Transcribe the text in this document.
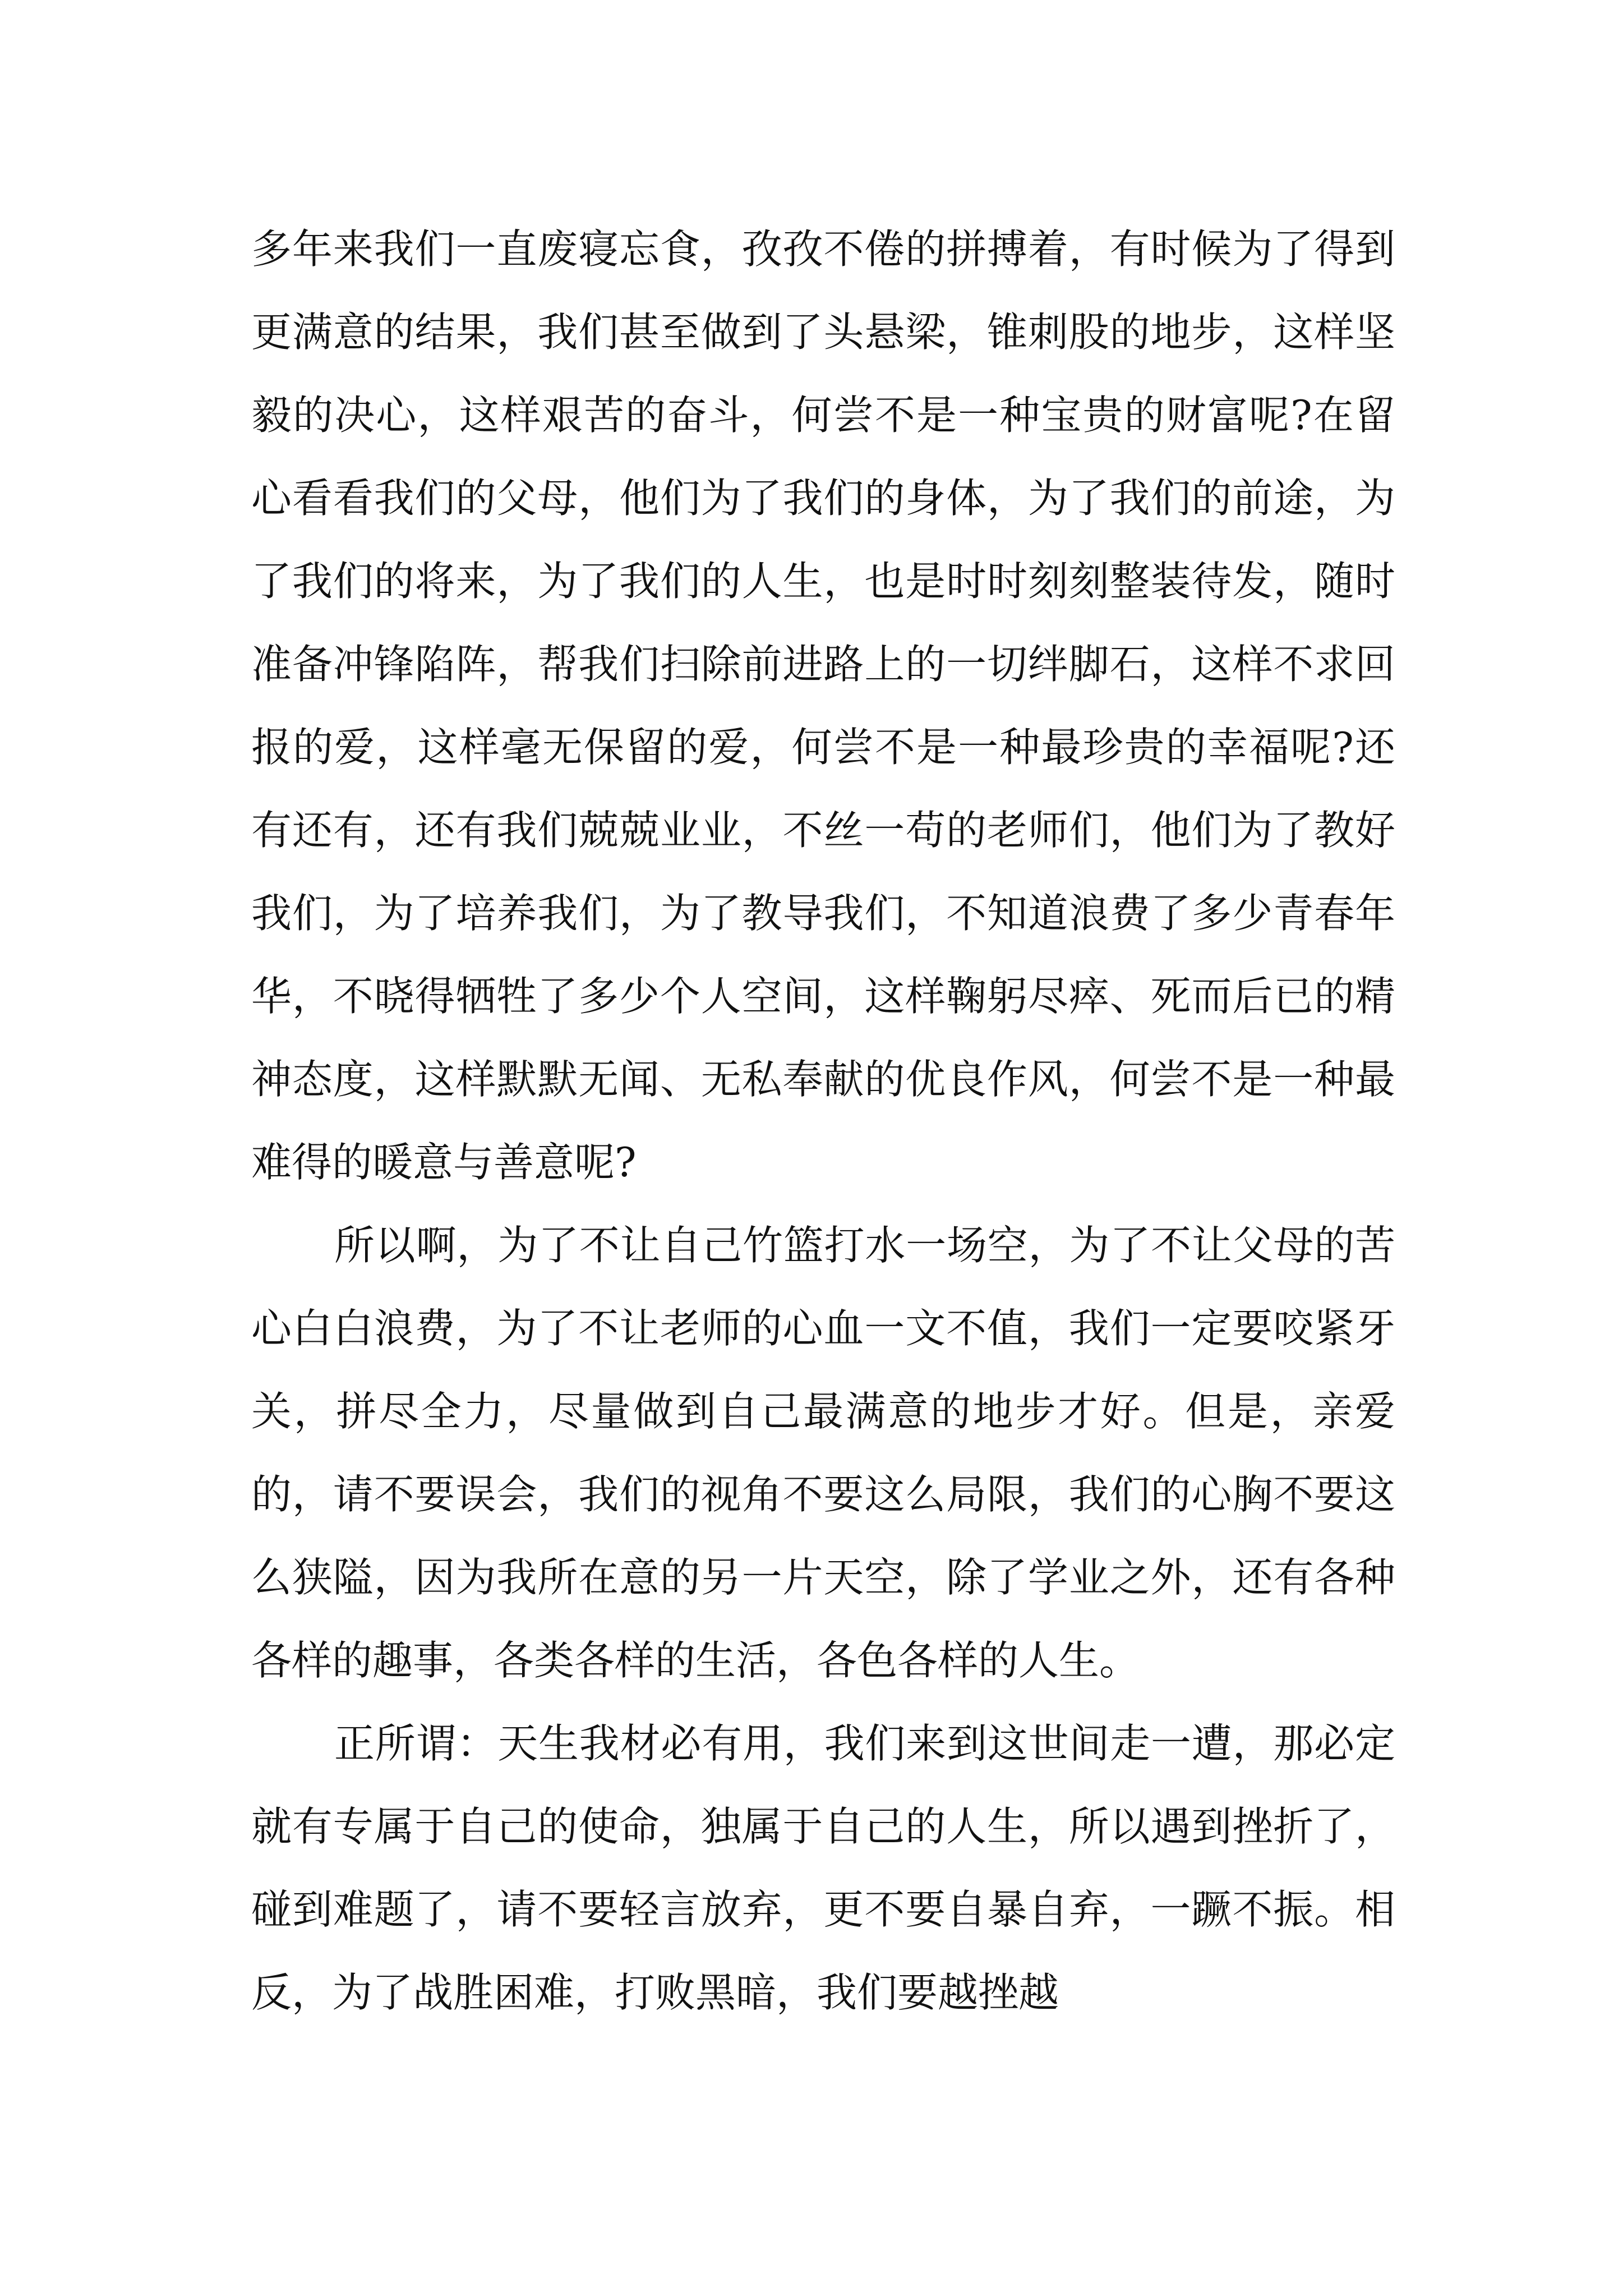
多年来我们一直废寝忘食，孜孜不倦的拼搏着，有时候为了得到更满意的结果，我们甚至做到了头悬梁，锥刺股的地步，这样坚毅的决心，这样艰苦的奋斗，何尝不是一种宝贵的财富呢?在留心看看我们的父母，他们为了我们的身体，为了我们的前途，为了我们的将来，为了我们的人生，也是时时刻刻整装待发，随时准备冲锋陷阵，帮我们扫除前进路上的一切绊脚石，这样不求回报的爱，这样毫无保留的爱，何尝不是一种最珍贵的幸福呢?还有还有，还有我们兢兢业业，不丝一苟的老师们，他们为了教好我们，为了培养我们，为了教导我们，不知道浪费了多少青春年华，不晓得牺牲了多少个人空间，这样鞠躬尽瘁、死而后已的精神态度，这样默默无闻、无私奉献的优良作风，何尝不是一种最难得的暖意与善意呢?

所以啊，为了不让自己竹篮打水一场空，为了不让父母的苦心白白浪费，为了不让老师的心血一文不值，我们一定要咬紧牙关，拼尽全力，尽量做到自己最满意的地步才好。但是，亲爱的，请不要误会，我们的视角不要这么局限，我们的心胸不要这么狭隘，因为我所在意的另一片天空，除了学业之外，还有各种各样的趣事，各类各样的生活，各色各样的人生。

正所谓：天生我材必有用，我们来到这世间走一遭，那必定就有专属于自己的使命，独属于自己的人生，所以遇到挫折了，碰到难题了，请不要轻言放弃，更不要自暴自弃，一蹶不振。相反，为了战胜困难，打败黑暗，我们要越挫越
